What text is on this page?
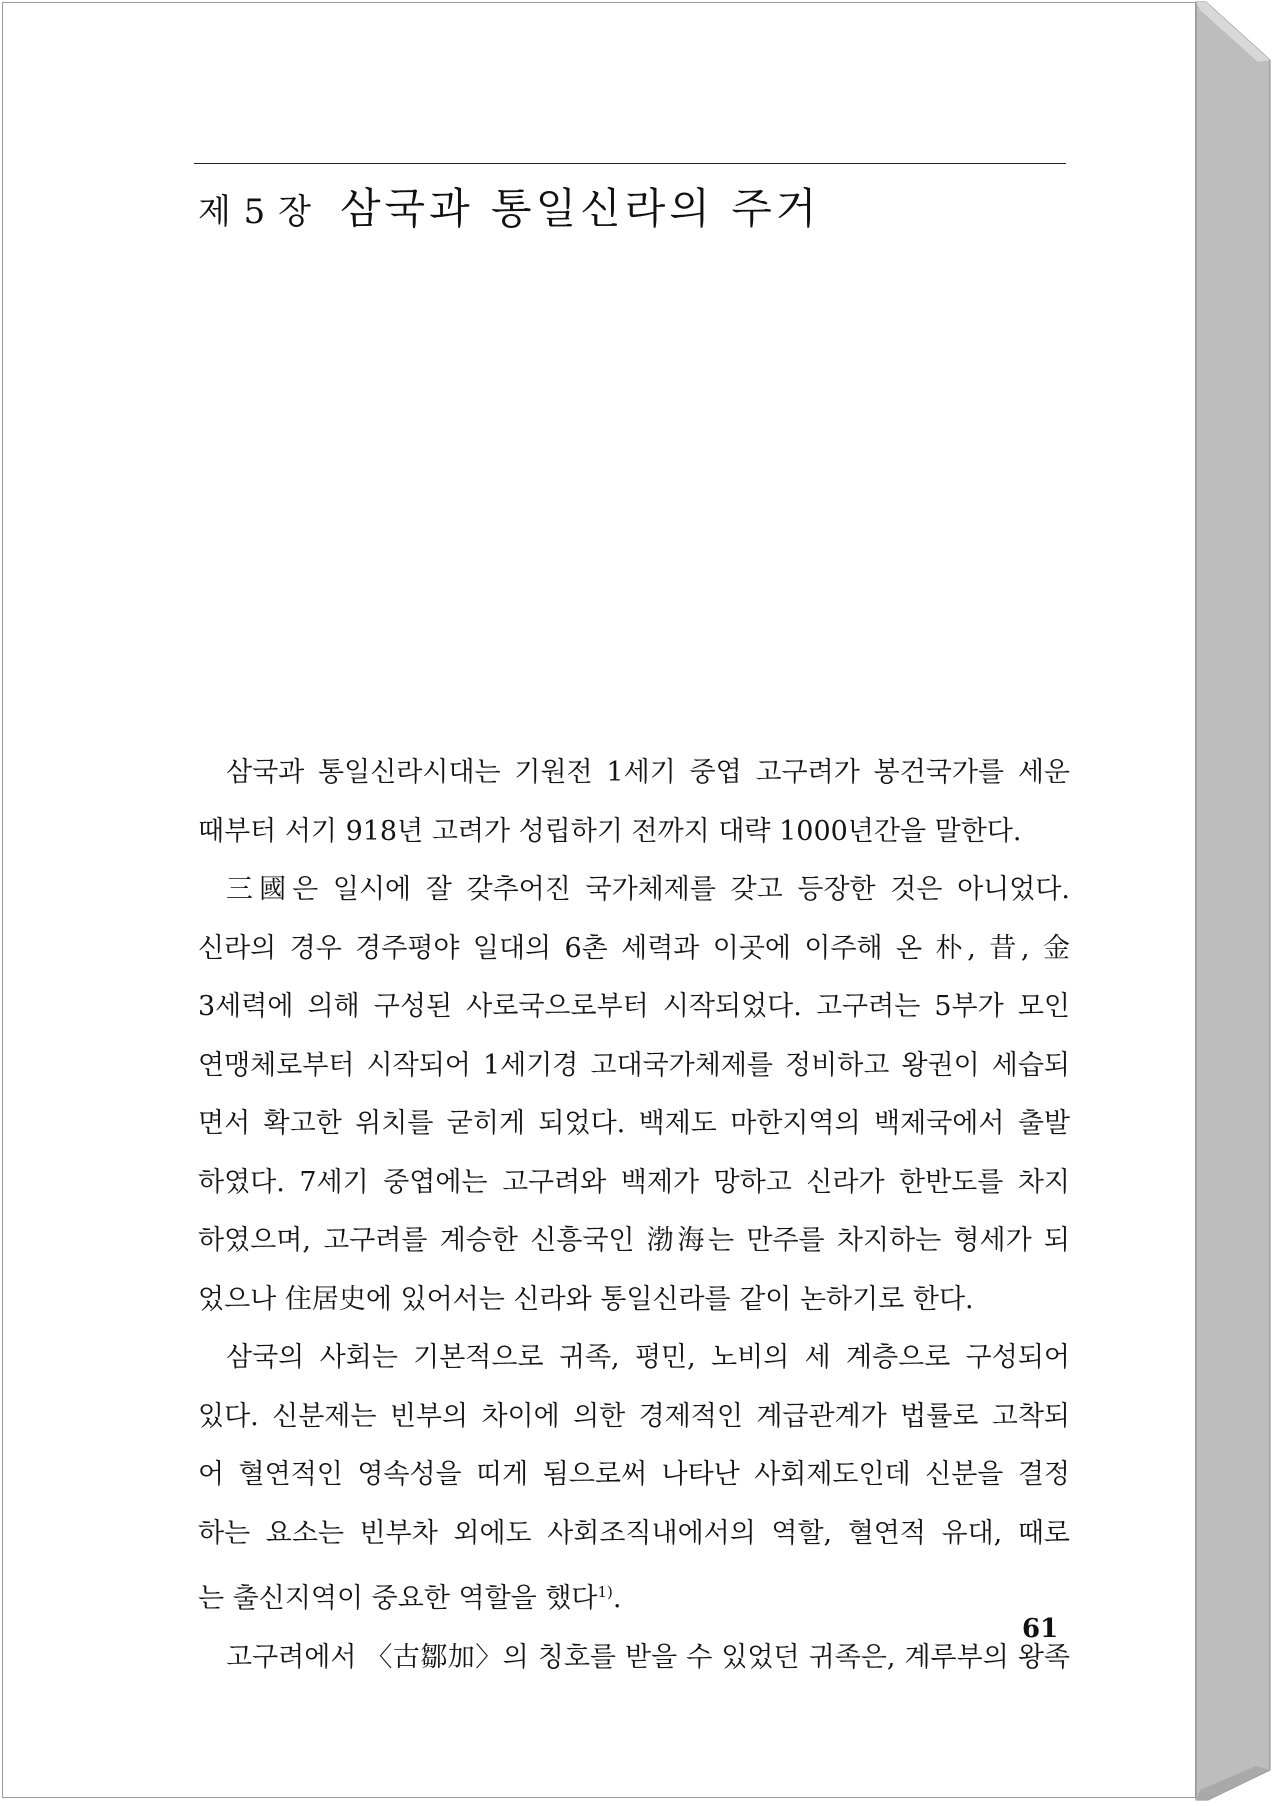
제 5 장 삼국과 통일신라의 주거
삼국과 통일신라시대는 기원전 1세기 중엽 고구려가 봉건국가를 세운
때부터 서기 918년 고려가 성립하기 전까지 대략 1000년간을 말한다.
三國은 일시에 잘 갖추어진 국가체제를 갖고 등장한 것은 아니었다.
신라의 경우 경주평야 일대의 6촌 세력과 이곳에 이주해 온 朴, 昔, 金
3세력에 의해 구성된 사로국으로부터 시작되었다. 고구려는 5부가 모인
연맹체로부터 시작되어 1세기경 고대국가체제를 정비하고 왕권이 세습되
면서 확고한 위치를 굳히게 되었다. 백제도 마한지역의 백제국에서 출발
하였다. 7세기 중엽에는 고구려와 백제가 망하고 신라가 한반도를 차지
하였으며, 고구려를 계승한 신흥국인 渤海는 만주를 차지하는 형세가 되
었으나 住居史에 있어서는 신라와 통일신라를 같이 논하기로 한다.
삼국의 사회는 기본적으로 귀족, 평민, 노비의 세 계층으로 구성되어
있다. 신분제는 빈부의 차이에 의한 경제적인 계급관계가 법률로 고착되
어 혈연적인 영속성을 띠게 됨으로써 나타난 사회제도인데 신분을 결정
하는 요소는 빈부차 외에도 사회조직내에서의 역할, 혈연적 유대, 때로
는 출신지역이 중요한 역할을 했다$^{1)}$.
고구려에서 〈古鄒加〉의 칭호를 받을 수 있었던 귀족은, 계루부의 왕족
61
